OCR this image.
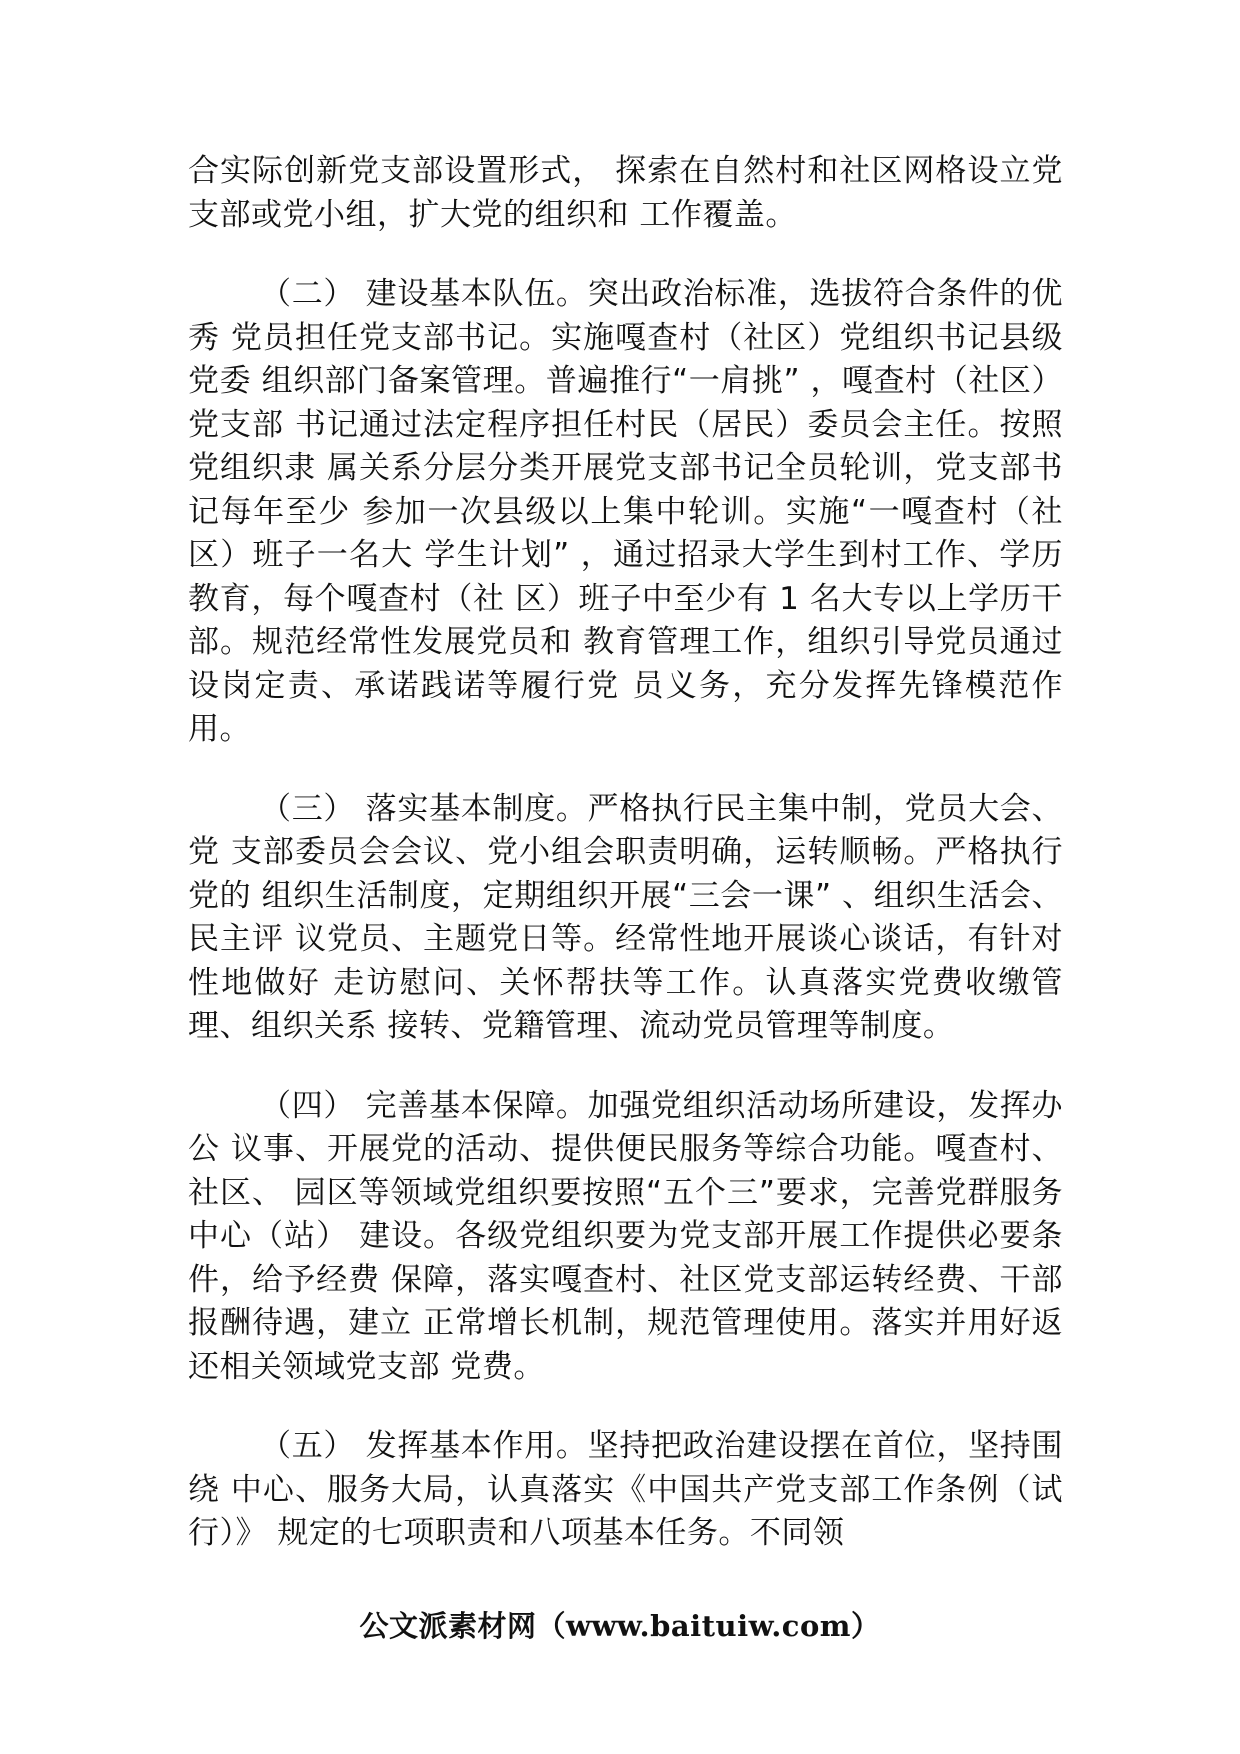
合实际创新党支部设置形式， 探索在自然村和社区网格设立党支部或党小组，扩大党的组织和 工作覆盖。

（二） 建设基本队伍。突出政治标准，选拔符合条件的优秀 党员担任党支部书记。实施嘎查村（社区）党组织书记县级党委 组织部门备案管理。普遍推行“一肩挑” ，嘎查村（社区）党支部 书记通过法定程序担任村民（居民）委员会主任。按照党组织隶 属关系分层分类开展党支部书记全员轮训，党支部书记每年至少 参加一次县级以上集中轮训。实施“一嘎查村（社区）班子一名大 学生计划” ，通过招录大学生到村工作、学历教育，每个嘎查村（社 区）班子中至少有 1 名大专以上学历干部。规范经常性发展党员和 教育管理工作，组织引导党员通过设岗定责、承诺践诺等履行党 员义务，充分发挥先锋模范作用。

（三） 落实基本制度。严格执行民主集中制，党员大会、党 支部委员会会议、党小组会职责明确，运转顺畅。严格执行党的 组织生活制度，定期组织开展“三会一课” 、组织生活会、民主评 议党员、主题党日等。经常性地开展谈心谈话，有针对性地做好 走访慰问、关怀帮扶等工作。认真落实党费收缴管理、组织关系 接转、党籍管理、流动党员管理等制度。

（四） 完善基本保障。加强党组织活动场所建设，发挥办公 议事、开展党的活动、提供便民服务等综合功能。嘎查村、社区、 园区等领域党组织要按照“五个三”要求，完善党群服务中心（站） 建设。各级党组织要为党支部开展工作提供必要条件，给予经费 保障，落实嘎查村、社区党支部运转经费、干部报酬待遇，建立 正常增长机制，规范管理使用。落实并用好返还相关领域党支部 党费。

（五） 发挥基本作用。坚持把政治建设摆在首位，坚持围绕 中心、服务大局，认真落实《中国共产党支部工作条例（试行）》 规定的七项职责和八项基本任务。不同领

公文派素材网（www.baituiw.com）
